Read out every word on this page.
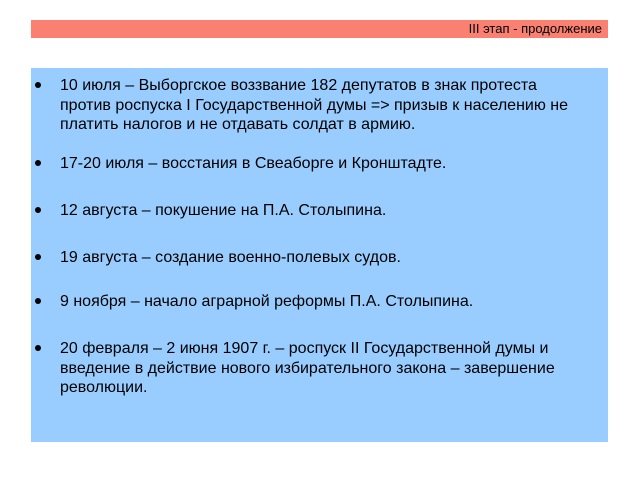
III этап - продолжение
10 июля – Выборгское воззвание 182 депутатов в знак протеста против роспуска I Государственной думы => призыв к населению не платить налогов и не отдавать солдат в армию.
17-20 июля – восстания в Свеаборге и Кронштадте.
12 августа – покушение на П.А. Столыпина.
19 августа – создание военно-полевых судов.
9 ноября – начало аграрной реформы П.А. Столыпина.
20 февраля – 2 июня 1907 г. – роспуск II Государственной думы и введение в действие нового избирательного закона – завершение революции.
